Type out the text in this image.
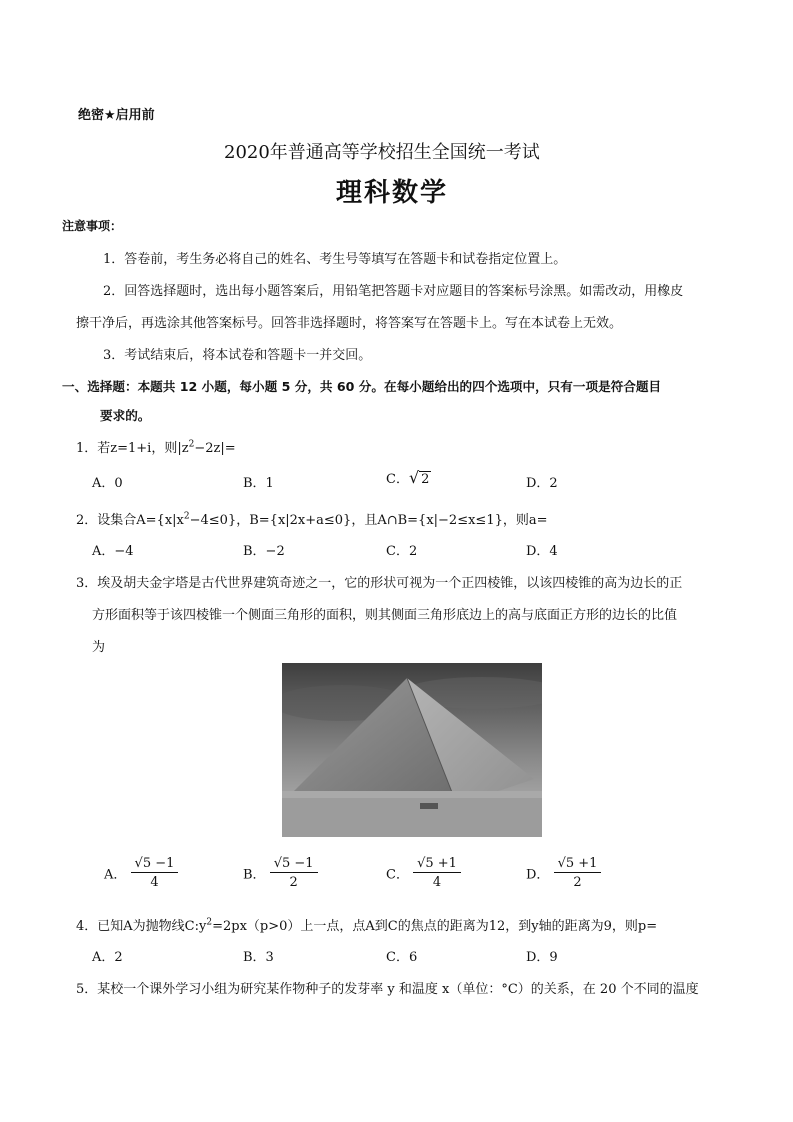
绝密★启用前
2020年普通高等学校招生全国统一考试
理科数学
注意事项：
1．答卷前，考生务必将自己的姓名、考生号等填写在答题卡和试卷指定位置上。
2．回答选择题时，选出每小题答案后，用铅笔把答题卡对应题目的答案标号涂黑。如需改动，用橡皮
擦干净后，再选涂其他答案标号。回答非选择题时，将答案写在答题卡上。写在本试卷上无效。
3．考试结束后，将本试卷和答题卡一并交回。
一、选择题：本题共 12 小题，每小题 5 分，共 60 分。在每小题给出的四个选项中，只有一项是符合题目
要求的。
1．若z=1+i，则$|z^2-2z|=$
A．0	B．1	C．√ 2	D．2
2．设集合$A=\{x|x^2-4\le 0\}$，B={x|2x+a≤0}，且A∩B={x|−2≤x≤1}，则a=
A．−4	B．−2	C．2	D．4
3．埃及胡夫金字塔是古代世界建筑奇迹之一，它的形状可视为一个正四棱锥，以该四棱锥的高为边长的正
方形面积等于该四棱锥一个侧面三角形的面积，则其侧面三角形底边上的高与底面正方形的边长的比值
为
A． $\frac{√5 -1}{4}$	B． $\frac{√5 -1}{2}$	C． $\frac{√5 +1}{4}$	D． $\frac{√5 +1}{2}$
4．已知A为抛物线$C:y^2=2px(p>0)$上一点，点A到C的焦点的距离为12，到y轴的距离为9，则p=
A．2	B．3	C．6	D．9
5．某校一个课外学习小组为研究某作物种子的发芽率 y 和温度 x（单位：°C）的关系，在 20 个不同的温度
